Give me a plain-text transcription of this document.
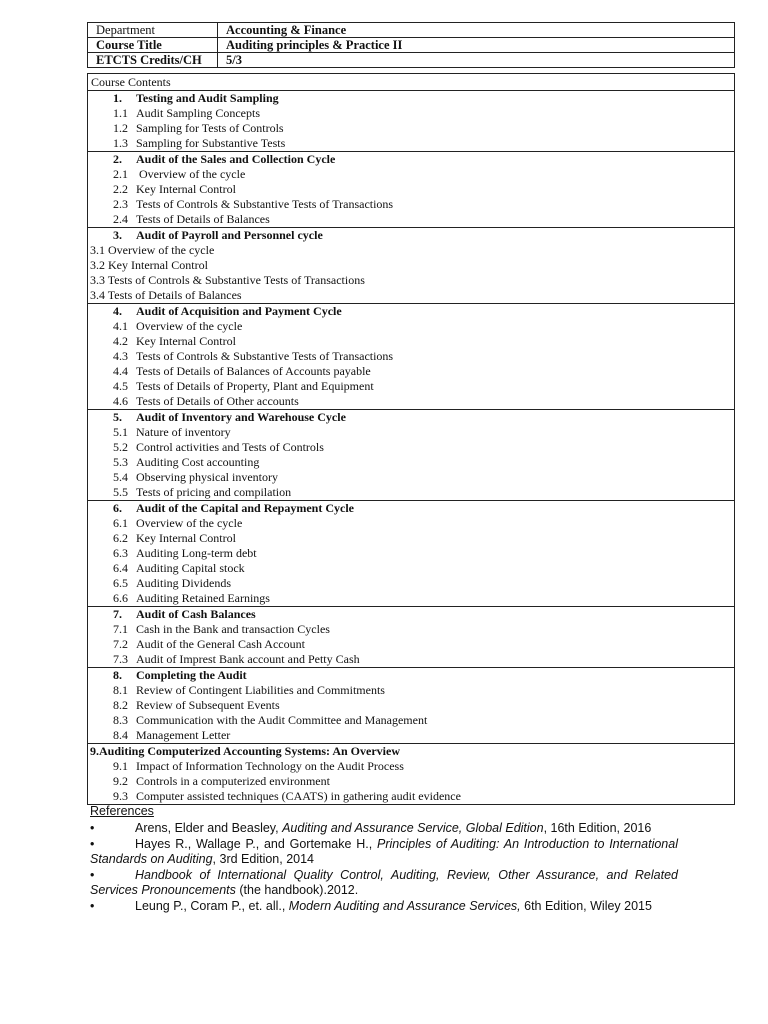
Department	Accounting & Finance
Course Title	Auditing principles & Practice II
ETCTS Credits/CH	5/3
Course Contents
1. Testing and Audit Sampling
1.1 Audit Sampling Concepts
1.2 Sampling for Tests of Controls
1.3 Sampling for Substantive Tests
2. Audit of the Sales and Collection Cycle
2.1 Overview of the cycle
2.2 Key Internal Control
2.3 Tests of Controls & Substantive Tests of Transactions
2.4 Tests of Details of Balances
3. Audit of Payroll and Personnel cycle
3.1 Overview of the cycle
3.2 Key Internal Control
3.3 Tests of Controls & Substantive Tests of Transactions
3.4 Tests of Details of Balances
4. Audit of Acquisition and Payment Cycle
4.1 Overview of the cycle
4.2 Key Internal Control
4.3 Tests of Controls & Substantive Tests of Transactions
4.4 Tests of Details of Balances of Accounts payable
4.5 Tests of Details of Property, Plant and Equipment
4.6 Tests of Details of Other accounts
5. Audit of Inventory and Warehouse Cycle
5.1 Nature of inventory
5.2 Control activities and Tests of Controls
5.3 Auditing Cost accounting
5.4 Observing physical inventory
5.5 Tests of pricing and compilation
6. Audit of the Capital and Repayment Cycle
6.1 Overview of the cycle
6.2 Key Internal Control
6.3 Auditing Long-term debt
6.4 Auditing Capital stock
6.5 Auditing Dividends
6.6 Auditing Retained Earnings
7. Audit of Cash Balances
7.1 Cash in the Bank and transaction Cycles
7.2 Audit of the General Cash Account
7.3 Audit of Imprest Bank account and Petty Cash
8. Completing the Audit
8.1 Review of Contingent Liabilities and Commitments
8.2 Review of Subsequent Events
8.3 Communication with the Audit Committee and Management
8.4 Management Letter
9.Auditing Computerized Accounting Systems: An Overview
9.1 Impact of Information Technology on the Audit Process
9.2 Controls in a computerized environment
9.3 Computer assisted techniques (CAATS) in gathering audit evidence
References
•	Arens, Elder and Beasley, Auditing and Assurance Service, Global Edition, 16th Edition, 2016
•	Hayes R., Wallage P., and Gortemake H., Principles of Auditing: An Introduction to International Standards on Auditing, 3rd Edition, 2014
•	Handbook of International Quality Control, Auditing, Review, Other Assurance, and Related Services Pronouncements (the handbook).2012.
•	Leung P., Coram P., et. all., Modern Auditing and Assurance Services, 6th Edition, Wiley 2015
